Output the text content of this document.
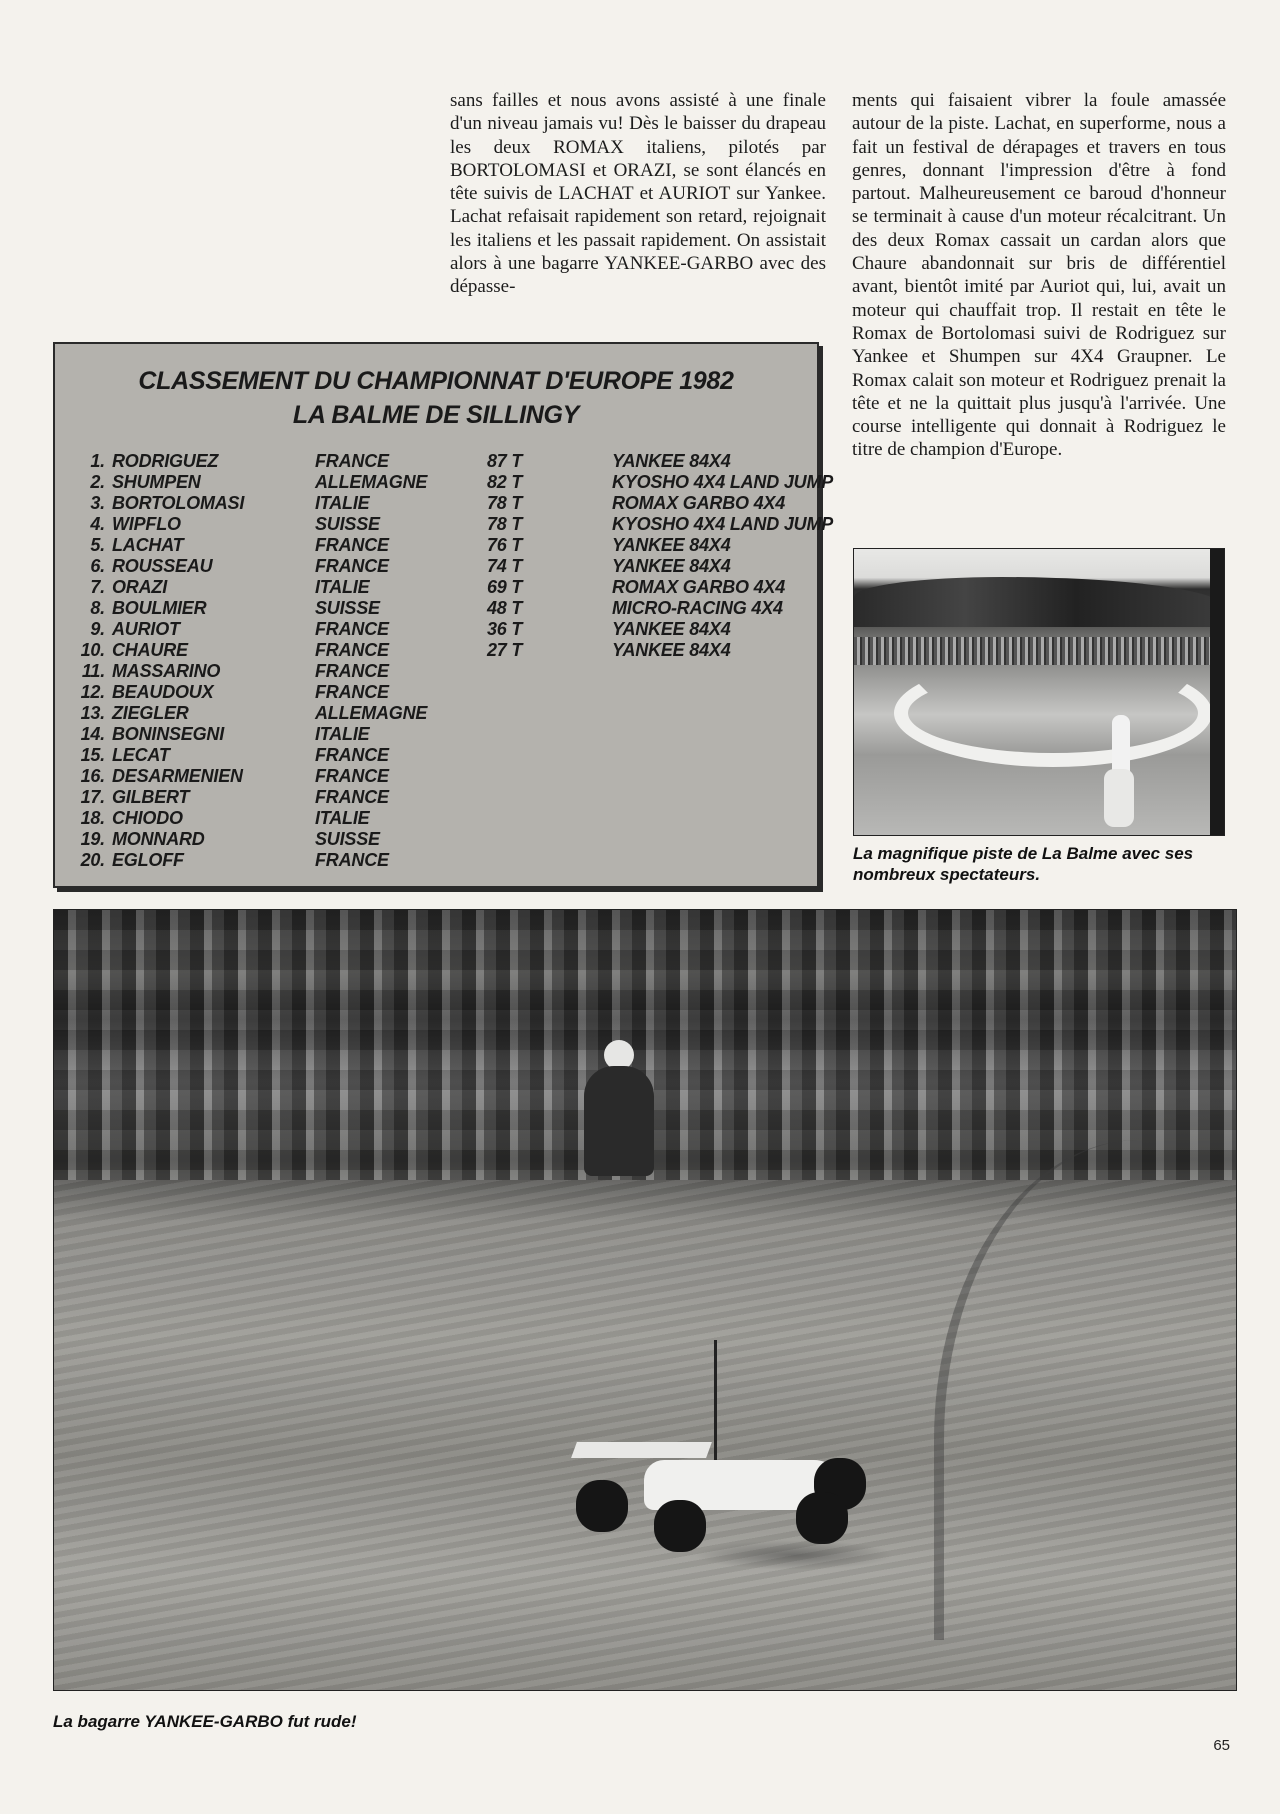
sans failles et nous avons assisté à une finale d'un niveau jamais vu! Dès le baisser du drapeau les deux ROMAX italiens, pilotés par BORTOLOMASI et ORAZI, se sont élancés en tête suivis de LACHAT et AURIOT sur Yankee. Lachat refaisait rapidement son retard, rejoignait les italiens et les passait rapidement. On assistait alors à une bagarre YANKEE-GARBO avec des dépasse-

ments qui faisaient vibrer la foule amassée autour de la piste. Lachat, en superforme, nous a fait un festival de dérapages et travers en tous genres, donnant l'impression d'être à fond partout. Malheureusement ce baroud d'honneur se terminait à cause d'un moteur récalcitrant. Un des deux Romax cassait un cardan alors que Chaure abandonnait sur bris de différentiel avant, bientôt imité par Auriot qui, lui, avait un moteur qui chauffait trop. Il restait en tête le Romax de Bortolomasi suivi de Rodriguez sur Yankee et Shumpen sur 4X4 Graupner. Le Romax calait son moteur et Rodriguez prenait la tête et ne la quittait plus jusqu'à l'arrivée. Une course intelligente qui donnait à Rodriguez le titre de champion d'Europe.

CLASSEMENT DU CHAMPIONNAT D'EUROPE 1982
LA BALME DE SILLINGY
1. RODRIGUEZ	FRANCE	87 T	YANKEE 84X4
2. SHUMPEN	ALLEMAGNE	82 T	KYOSHO 4X4 LAND JUMP
3. BORTOLOMASI	ITALIE	78 T	ROMAX GARBO 4X4
4. WIPFLO	SUISSE	78 T	KYOSHO 4X4 LAND JUMP
5. LACHAT	FRANCE	76 T	YANKEE 84X4
6. ROUSSEAU	FRANCE	74 T	YANKEE 84X4
7. ORAZI	ITALIE	69 T	ROMAX GARBO 4X4
8. BOULMIER	SUISSE	48 T	MICRO-RACING 4X4
9. AURIOT	FRANCE	36 T	YANKEE 84X4
10. CHAURE	FRANCE	27 T	YANKEE 84X4
11. MASSARINO	FRANCE
12. BEAUDOUX	FRANCE
13. ZIEGLER	ALLEMAGNE
14. BONINSEGNI	ITALIE
15. LECAT	FRANCE
16. DESARMENIEN	FRANCE
17. GILBERT	FRANCE
18. CHIODO	ITALIE
19. MONNARD	SUISSE
20. EGLOFF	FRANCE	La magnifique piste de La Balme avec ses nombreux spectateurs.
La bagarre YANKEE-GARBO fut rude!
65
